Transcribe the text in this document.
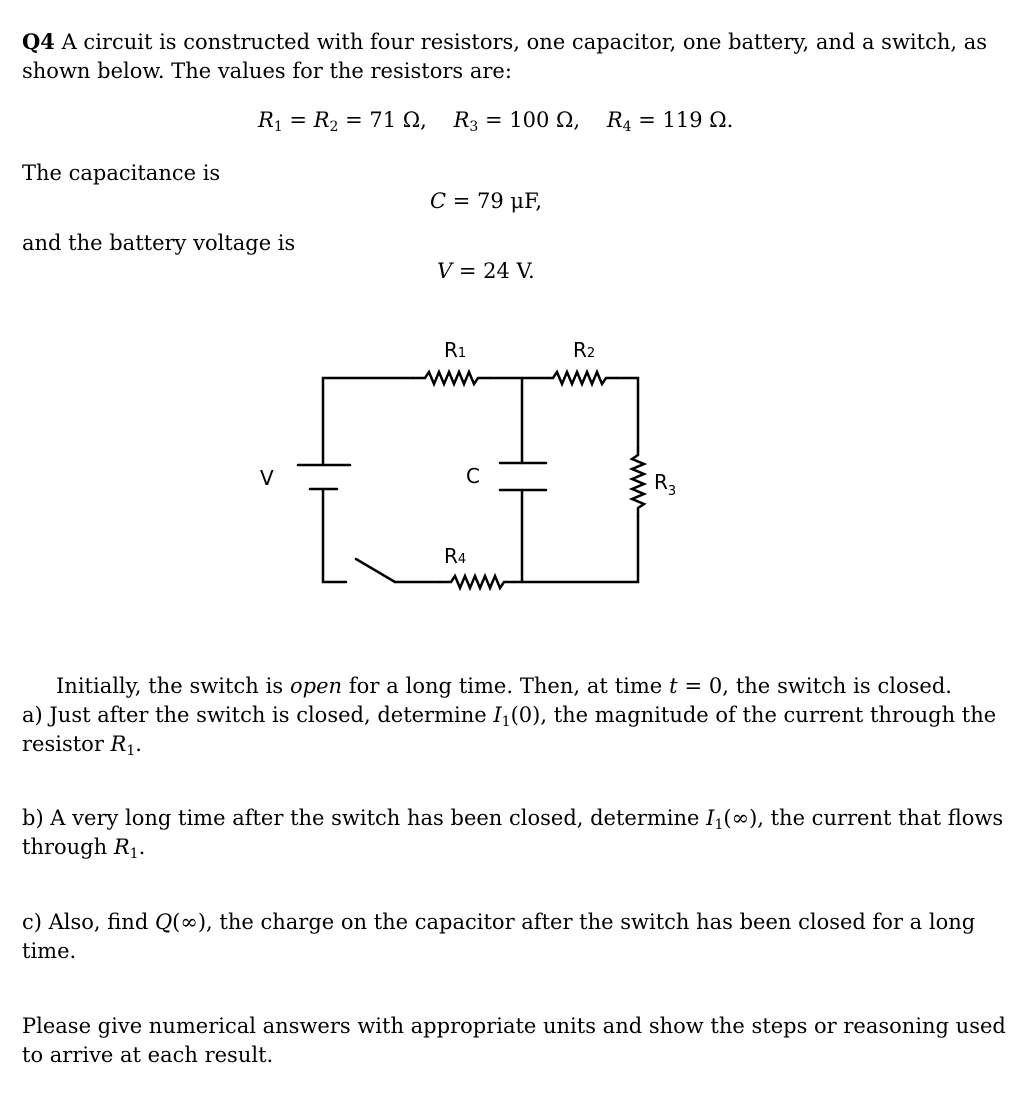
Q4 A circuit is constructed with four resistors, one capacitor, one battery, and a switch, as
shown below. The values for the resistors are:
$R_1 = R_2 = 71$ Ω, $R_3 = 100$ Ω, $R_4 = 119$ Ω.
The capacitance is
C = 79 μF,
and the battery voltage is
V = 24 V.
R1	R2
$R_3$
R4
C
V
Initially, the switch is open for a long time. Then, at time t = 0, the switch is closed.
a) Just after the switch is closed, determine $I_1(0)$, the magnitude of the current through the
resistor $R_1$.
b) A very long time after the switch has been closed, determine $I_1(\infty)$, the current that flows
through $R_1$.
c) Also, find Q(∞), the charge on the capacitor after the switch has been closed for a long
time.
Please give numerical answers with appropriate units and show the steps or reasoning used
to arrive at each result.
